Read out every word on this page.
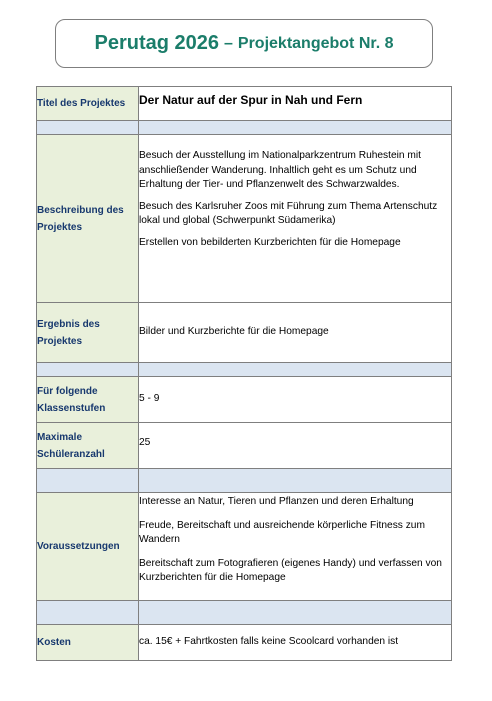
Perutag 2026 – Projektangebot Nr. 8
Titel des Projektes	Der Natur auf der Spur in Nah und Fern

Beschreibung des Projektes	Besuch der Ausstellung im Nationalparkzentrum Ruhestein mit anschließender Wanderung. Inhaltlich geht es um Schutz und Erhaltung der Tier- und Pflanzenwelt des Schwarzwaldes.

Besuch des Karlsruher Zoos mit Führung zum Thema Artenschutz lokal und global (Schwerpunkt Südamerika)

Erstellen von bebilderten Kurzberichten für die Homepage

Ergebnis des Projektes	Bilder und Kurzberichte für die Homepage

Für folgende Klassenstufen	5 - 9
Maximale Schüleranzahl	25

Voraussetzungen	Interesse an Natur, Tieren und Pflanzen und deren Erhaltung

Freude, Bereitschaft und ausreichende körperliche Fitness zum Wandern

Bereitschaft zum Fotografieren (eigenes Handy) und verfassen von Kurzberichten für die Homepage

Kosten	ca. 15€ + Fahrtkosten falls keine Scoolcard vorhanden ist
